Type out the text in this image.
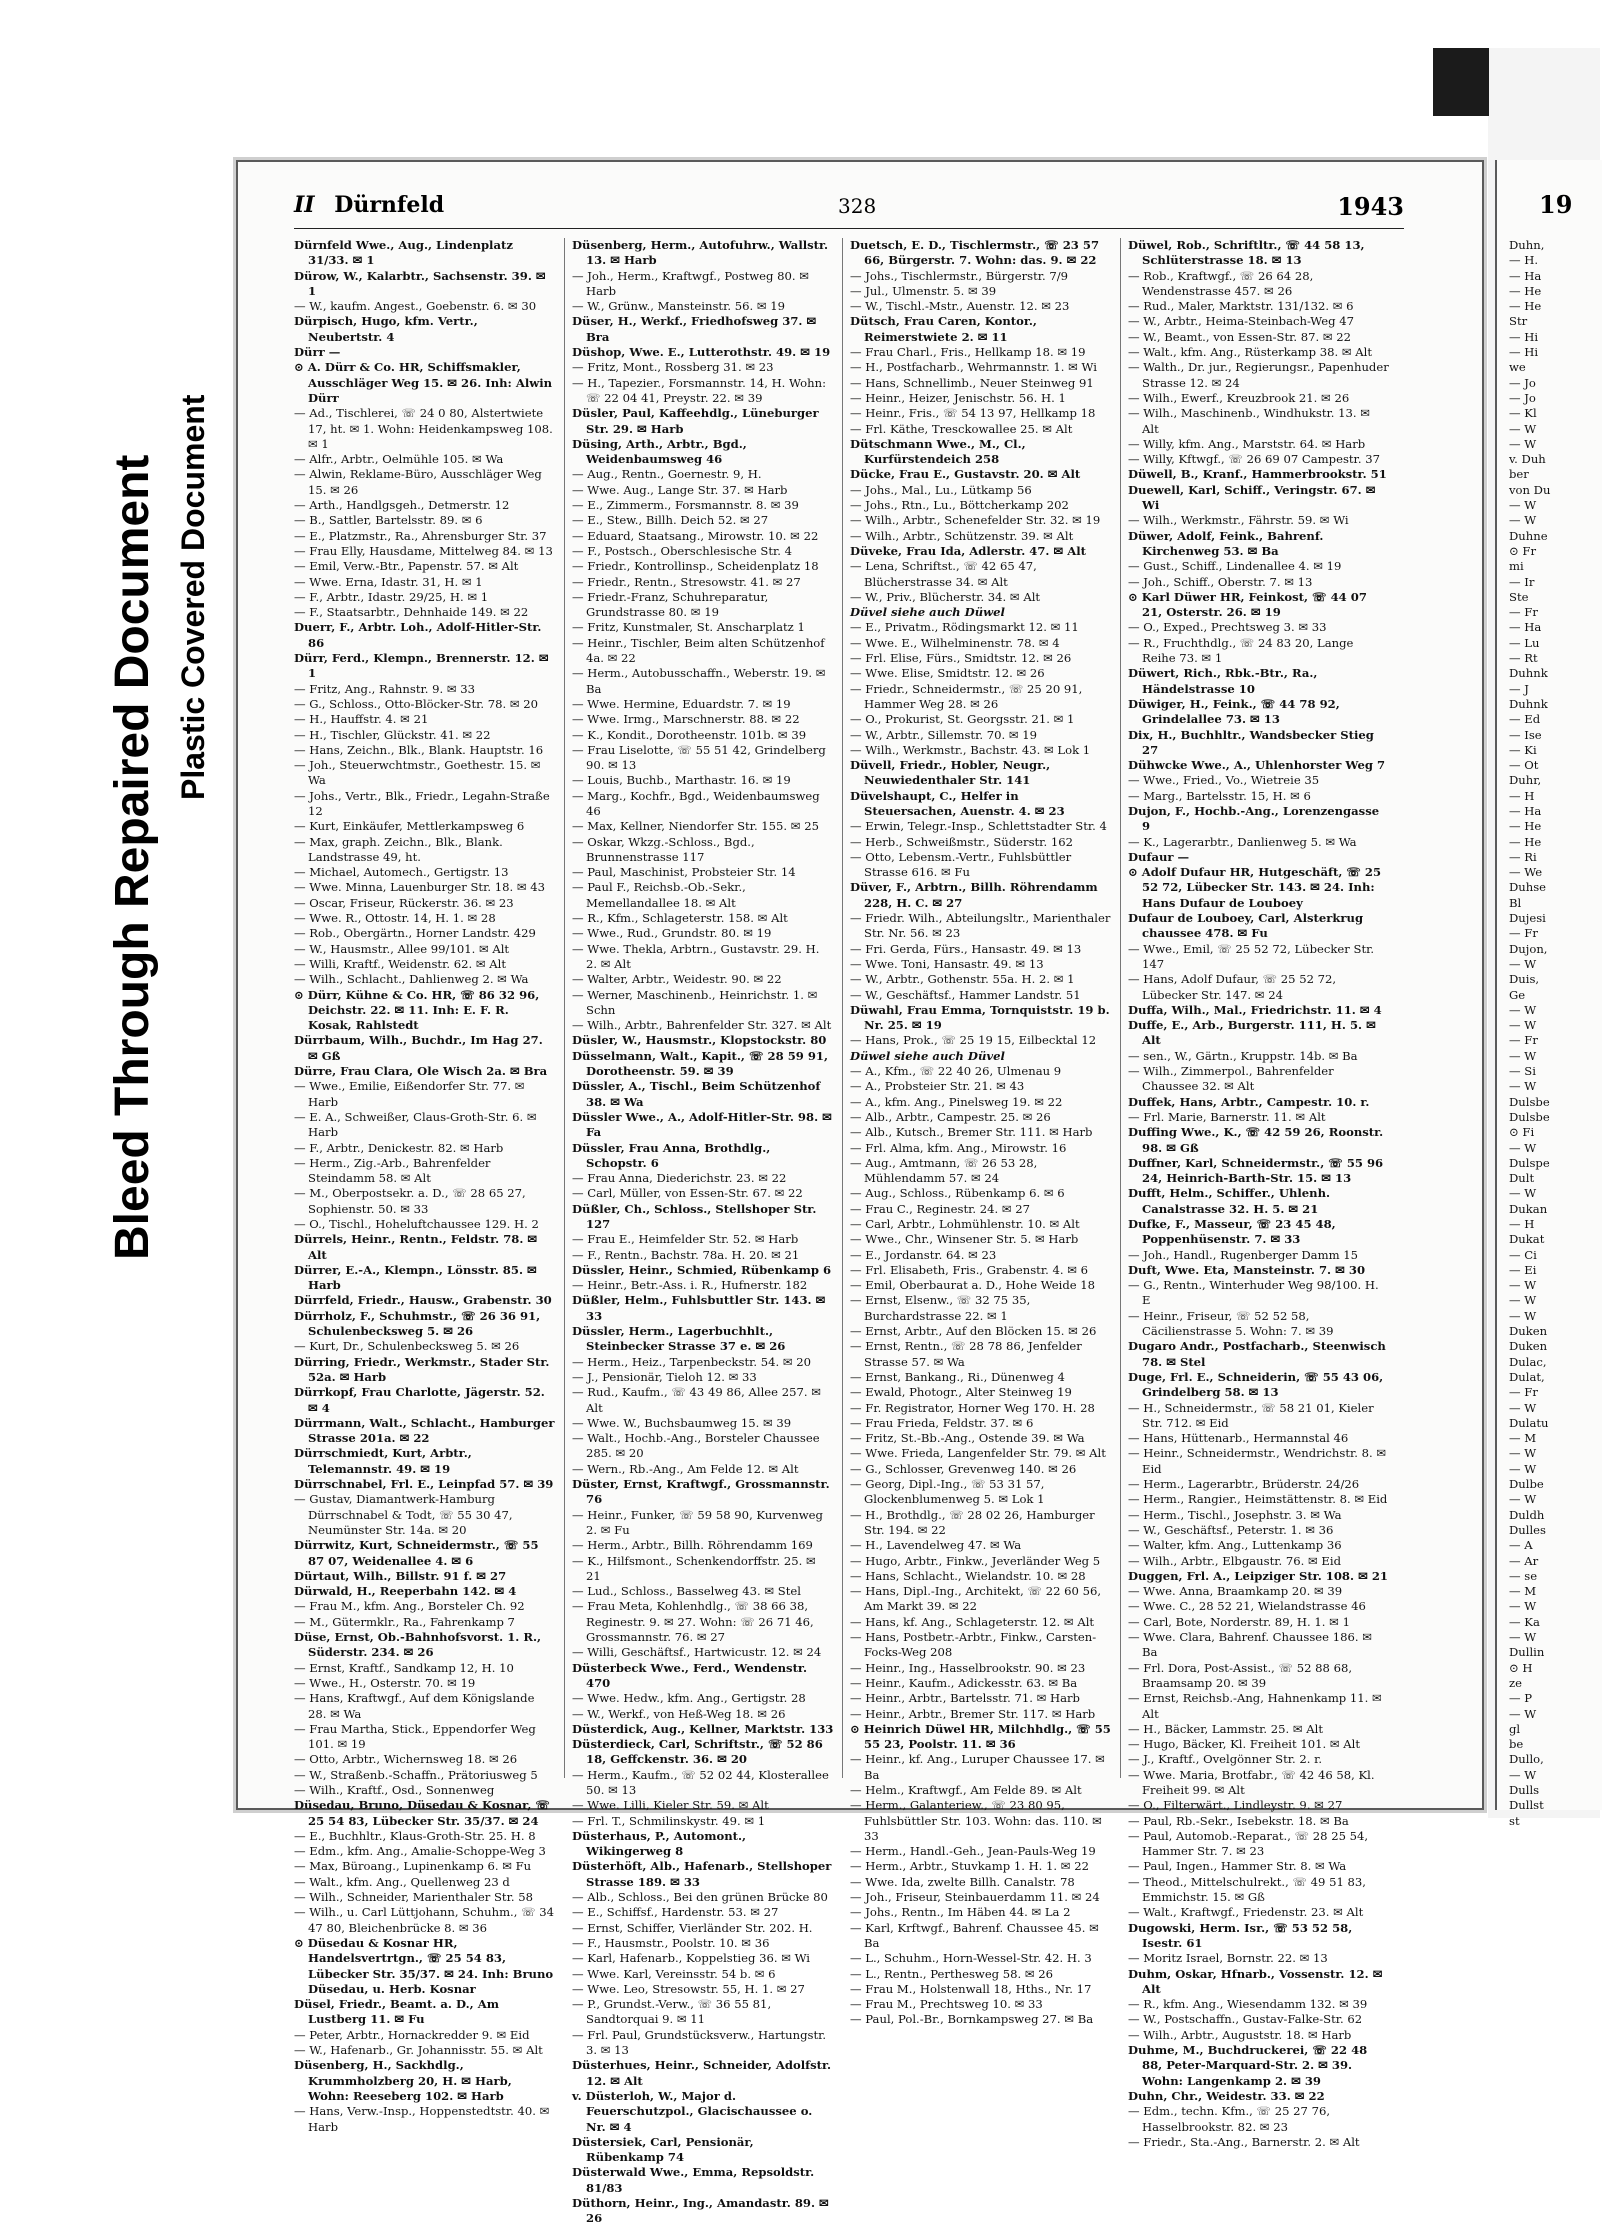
Bleed Through Repaired Document Plastic Covered Document
II Dürnfeld	328	1943

Dürnfeld Wwe., Aug., Lindenplatz 31/33. ✉ 1

Dürow, W., Kalarbtr., Sachsenstr. 39. ✉ 1

— W., kaufm. Angest., Goebenstr. 6. ✉ 30

Dürpisch, Hugo, kfm. Vertr., Neubertstr. 4

Dürr —

⊙ A. Dürr & Co. HR, Schiffsmakler, Ausschläger Weg 15. ✉ 26. Inh: Alwin Dürr

— Ad., Tischlerei, ☏ 24 0 80, Alstertwiete 17, ht. ✉ 1. Wohn: Heidenkampsweg 108. ✉ 1

— Alfr., Arbtr., Oelmühle 105. ✉ Wa

— Alwin, Reklame-Büro, Ausschläger Weg 15. ✉ 26

— Arth., Handlgsgeh., Detmerstr. 12

— B., Sattler, Bartelsstr. 89. ✉ 6

— E., Platzmstr., Ra., Ahrensburger Str. 37

— Frau Elly, Hausdame, Mittelweg 84. ✉ 13

— Emil, Verw.-Btr., Papenstr. 57. ✉ Alt

— Wwe. Erna, Idastr. 31, H. ✉ 1

— F., Arbtr., Idastr. 29/25, H. ✉ 1

— F., Staatsarbtr., Dehnhaide 149. ✉ 22

Duerr, F., Arbtr. Loh., Adolf-Hitler-Str. 86

Dürr, Ferd., Klempn., Brennerstr. 12. ✉ 1

— Fritz, Ang., Rahnstr. 9. ✉ 33

— G., Schloss., Otto-Blöcker-Str. 78. ✉ 20

— H., Hauffstr. 4. ✉ 21

— H., Tischler, Glückstr. 41. ✉ 22

— Hans, Zeichn., Blk., Blank. Hauptstr. 16

— Joh., Steuerwchtmstr., Goethestr. 15. ✉ Wa

— Johs., Vertr., Blk., Friedr., Legahn-Straße 12

— Kurt, Einkäufer, Mettlerkampsweg 6

— Max, graph. Zeichn., Blk., Blank. Landstrasse 49, ht.

— Michael, Automech., Gertigstr. 13

— Wwe. Minna, Lauenburger Str. 18. ✉ 43

— Oscar, Friseur, Rückerstr. 36. ✉ 23

— Wwe. R., Ottostr. 14, H. 1. ✉ 28

— Rob., Obergärtn., Horner Landstr. 429

— W., Hausmstr., Allee 99/101. ✉ Alt

— Willi, Kraftf., Weidenstr. 62. ✉ Alt

— Wilh., Schlacht., Dahlienweg 2. ✉ Wa

⊙ Dürr, Kühne & Co. HR, ☏ 86 32 96, Deichstr. 22. ✉ 11. Inh: E. F. R. Kosak, Rahlstedt

Dürrbaum, Wilh., Buchdr., Im Hag 27. ✉ Gß

Dürre, Frau Clara, Ole Wisch 2a. ✉ Bra

— Wwe., Emilie, Eißendorfer Str. 77. ✉ Harb

— E. A., Schweißer, Claus-Groth-Str. 6. ✉ Harb

— F., Arbtr., Denickestr. 82. ✉ Harb

— Herm., Zig.-Arb., Bahrenfelder Steindamm 58. ✉ Alt

— M., Oberpostsekr. a. D., ☏ 28 65 27, Sophienstr. 50. ✉ 33

— O., Tischl., Hoheluftchaussee 129. H. 2

Dürrels, Heinr., Rentn., Feldstr. 78. ✉ Alt

Dürrer, E.-A., Klempn., Lönsstr. 85. ✉ Harb

Dürrfeld, Friedr., Hausw., Grabenstr. 30

Dürrholz, F., Schuhmstr., ☏ 26 36 91, Schulenbecksweg 5. ✉ 26

— Kurt, Dr., Schulenbecksweg 5. ✉ 26

Dürring, Friedr., Werkmstr., Stader Str. 52a. ✉ Harb

Dürrkopf, Frau Charlotte, Jägerstr. 52. ✉ 4

Dürrmann, Walt., Schlacht., Hamburger Strasse 201a. ✉ 22

Dürrschmiedt, Kurt, Arbtr., Telemannstr. 49. ✉ 19

Dürrschnabel, Frl. E., Leinpfad 57. ✉ 39

— Gustav, Diamantwerk-Hamburg Dürrschnabel & Todt, ☏ 55 30 47, Neumünster Str. 14a. ✉ 20

Dürrwitz, Kurt, Schneidermstr., ☏ 55 87 07, Weidenallee 4. ✉ 6

Dürtaut, Wilh., Billstr. 91 f. ✉ 27

Dürwald, H., Reeperbahn 142. ✉ 4

— Frau M., kfm. Ang., Borsteler Ch. 92

— M., Gütermklr., Ra., Fahrenkamp 7

Düse, Ernst, Ob.-Bahnhofsvorst. 1. R., Süderstr. 234. ✉ 26

— Ernst, Kraftf., Sandkamp 12, H. 10

— Wwe., H., Osterstr. 70. ✉ 19

— Hans, Kraftwgf., Auf dem Königslande 28. ✉ Wa

— Frau Martha, Stick., Eppendorfer Weg 101. ✉ 19

— Otto, Arbtr., Wichernsweg 18. ✉ 26

— W., Straßenb.-Schaffn., Prätoriusweg 5

— Wilh., Kraftf., Osd., Sonnenweg

Düsedau, Bruno, Düsedau & Kosnar, ☏ 25 54 83, Lübecker Str. 35/37. ✉ 24

— E., Buchhltr., Klaus-Groth-Str. 25. H. 8

— Edm., kfm. Ang., Amalie-Schoppe-Weg 3

— Max, Büroang., Lupinenkamp 6. ✉ Fu

— Walt., kfm. Ang., Quellenweg 23 d

— Wilh., Schneider, Marienthaler Str. 58

— Wilh., u. Carl Lüttjohann, Schuhm., ☏ 34 47 80, Bleichenbrücke 8. ✉ 36

⊙ Düsedau & Kosnar HR, Handelsvertrtgn., ☏ 25 54 83, Lübecker Str. 35/37. ✉ 24. Inh: Bruno Düsedau, u. Herb. Kosnar

Düsel, Friedr., Beamt. a. D., Am Lustberg 11. ✉ Fu

— Peter, Arbtr., Hornackredder 9. ✉ Eid

— W., Hafenarb., Gr. Johannisstr. 55. ✉ Alt

Düsenberg, H., Sackhdlg., Krummholzberg 20, H. ✉ Harb, Wohn: Reeseberg 102. ✉ Harb

— Hans, Verw.-Insp., Hoppenstedtstr. 40. ✉ Harb

Düsenberg, Herm., Autofuhrw., Wallstr. 13. ✉ Harb

— Joh., Herm., Kraftwgf., Postweg 80. ✉ Harb

— W., Grünw., Mansteinstr. 56. ✉ 19

Düser, H., Werkf., Friedhofsweg 37. ✉ Bra

Düshop, Wwe. E., Lutterothstr. 49. ✉ 19

— Fritz, Mont., Rossberg 31. ✉ 23

— H., Tapezier., Forsmannstr. 14, H. Wohn: ☏ 22 04 41, Preystr. 22. ✉ 39

Düsler, Paul, Kaffeehdlg., Lüneburger Str. 29. ✉ Harb

Düsing, Arth., Arbtr., Bgd., Weidenbaumsweg 46

— Aug., Rentn., Goernestr. 9, H.

— Wwe. Aug., Lange Str. 37. ✉ Harb

— E., Zimmerm., Forsmannstr. 8. ✉ 39

— E., Stew., Billh. Deich 52. ✉ 27

— Eduard, Staatsang., Mirowstr. 10. ✉ 22

— F., Postsch., Oberschlesische Str. 4

— Friedr., Kontrollinsp., Scheidenplatz 18

— Friedr., Rentn., Stresowstr. 41. ✉ 27

— Friedr.-Franz, Schuhreparatur, Grundstrasse 80. ✉ 19

— Fritz, Kunstmaler, St. Anscharplatz 1

— Heinr., Tischler, Beim alten Schützenhof 4a. ✉ 22

— Herm., Autobusschaffn., Weberstr. 19. ✉ Ba

— Wwe. Hermine, Eduardstr. 7. ✉ 19

— Wwe. Irmg., Marschnerstr. 88. ✉ 22

— K., Kondit., Dorotheenstr. 101b. ✉ 39

— Frau Liselotte, ☏ 55 51 42, Grindelberg 90. ✉ 13

— Louis, Buchb., Marthastr. 16. ✉ 19

— Marg., Kochfr., Bgd., Weidenbaumsweg 46

— Max, Kellner, Niendorfer Str. 155. ✉ 25

— Oskar, Wkzg.-Schloss., Bgd., Brunnenstrasse 117

— Paul, Maschinist, Probsteier Str. 14

— Paul F., Reichsb.-Ob.-Sekr., Memellandallee 18. ✉ Alt

— R., Kfm., Schlageterstr. 158. ✉ Alt

— Wwe., Rud., Grundstr. 80. ✉ 19

— Wwe. Thekla, Arbtrn., Gustavstr. 29. H. 2. ✉ Alt

— Walter, Arbtr., Weidestr. 90. ✉ 22

— Werner, Maschinenb., Heinrichstr. 1. ✉ Schn

— Wilh., Arbtr., Bahrenfelder Str. 327. ✉ Alt

Düsler, W., Hausmstr., Klopstockstr. 80

Düsselmann, Walt., Kapit., ☏ 28 59 91, Dorotheenstr. 59. ✉ 39

Düssler, A., Tischl., Beim Schützenhof 38. ✉ Wa

Düssler Wwe., A., Adolf-Hitler-Str. 98. ✉ Fa

Düssler, Frau Anna, Brothdlg., Schopstr. 6

— Frau Anna, Diederichstr. 23. ✉ 22

— Carl, Müller, von Essen-Str. 67. ✉ 22

Düßler, Ch., Schloss., Stellshoper Str. 127

— Frau E., Heimfelder Str. 52. ✉ Harb

— F., Rentn., Bachstr. 78a. H. 20. ✉ 21

Düssler, Heinr., Schmied, Rübenkamp 6

— Heinr., Betr.-Ass. i. R., Hufnerstr. 182

Düßler, Helm., Fuhlsbuttler Str. 143. ✉ 33

Düssler, Herm., Lagerbuchhlt., Steinbecker Strasse 37 e. ✉ 26

— Herm., Heiz., Tarpenbeckstr. 54. ✉ 20

— J., Pensionär, Tieloh 12. ✉ 33

— Rud., Kaufm., ☏ 43 49 86, Allee 257. ✉ Alt

— Wwe. W., Buchsbaumweg 15. ✉ 39

— Walt., Hochb.-Ang., Borsteler Chaussee 285. ✉ 20

— Wern., Rb.-Ang., Am Felde 12. ✉ Alt

Düster, Ernst, Kraftwgf., Grossmannstr. 76

— Heinr., Funker, ☏ 59 58 90, Kurvenweg 2. ✉ Fu

— Herm., Arbtr., Billh. Röhrendamm 169

— K., Hilfsmont., Schenkendorffstr. 25. ✉ 21

— Lud., Schloss., Basselweg 43. ✉ Stel

— Frau Meta, Kohlenhdlg., ☏ 38 66 38, Reginestr. 9. ✉ 27. Wohn: ☏ 26 71 46, Grossmannstr. 76. ✉ 27

— Willi, Geschäftsf., Hartwicustr. 12. ✉ 24

Düsterbeck Wwe., Ferd., Wendenstr. 470

— Wwe. Hedw., kfm. Ang., Gertigstr. 28

— W., Werkf., von Heß-Weg 18. ✉ 26

Düsterdick, Aug., Kellner, Marktstr. 133

Düsterdieck, Carl, Schriftstr., ☏ 52 86 18, Geffckenstr. 36. ✉ 20

— Herm., Kaufm., ☏ 52 02 44, Klosterallee 50. ✉ 13

— Wwe. Lilli, Kieler Str. 59. ✉ Alt

— Frl. T., Schmilinskystr. 49. ✉ 1

Düsterhaus, P., Automont., Wikingerweg 8

Düsterhöft, Alb., Hafenarb., Stellshoper Strasse 189. ✉ 33

— Alb., Schloss., Bei den grünen Brücke 80

— E., Schiffsf., Hardenstr. 53. ✉ 27

— Ernst, Schiffer, Vierländer Str. 202. H.

— F., Hausmstr., Poolstr. 10. ✉ 36

— Karl, Hafenarb., Koppelstieg 36. ✉ Wi

— Wwe. Karl, Vereinsstr. 54 b. ✉ 6

— Wwe. Leo, Stresowstr. 55, H. 1. ✉ 27

— P., Grundst.-Verw., ☏ 36 55 81, Sandtorquai 9. ✉ 11

— Frl. Paul, Grundstücksverw., Hartungstr. 3. ✉ 13

Düsterhues, Heinr., Schneider, Adolfstr. 12. ✉ Alt

v. Düsterloh, W., Major d. Feuerschutzpol., Glacischaussee o. Nr. ✉ 4

Düstersiek, Carl, Pensionär, Rübenkamp 74

Düsterwald Wwe., Emma, Repsoldstr. 81/83

Düthorn, Heinr., Ing., Amandastr. 89. ✉ 26

Duetsch, E. D., Tischlermstr., ☏ 23 57 66, Bürgerstr. 7. Wohn: das. 9. ✉ 22

— Johs., Tischlermstr., Bürgerstr. 7/9

— Jul., Ulmenstr. 5. ✉ 39

— W., Tischl.-Mstr., Auenstr. 12. ✉ 23

Dütsch, Frau Caren, Kontor., Reimerstwiete 2. ✉ 11

— Frau Charl., Fris., Hellkamp 18. ✉ 19

— H., Postfacharb., Wehrmannstr. 1. ✉ Wi

— Hans, Schnellimb., Neuer Steinweg 91

— Heinr., Heizer, Jenischstr. 56. H. 1

— Heinr., Fris., ☏ 54 13 97, Hellkamp 18

— Frl. Käthe, Tresckowallee 25. ✉ Alt

Dütschmann Wwe., M., Cl., Kurfürstendeich 258

Dücke, Frau E., Gustavstr. 20. ✉ Alt

— Johs., Mal., Lu., Lütkamp 56

— Johs., Rtn., Lu., Böttcherkamp 202

— Wilh., Arbtr., Schenefelder Str. 32. ✉ 19

— Wilh., Arbtr., Schützenstr. 39. ✉ Alt

Düveke, Frau Ida, Adlerstr. 47. ✉ Alt

— Lena, Schriftst., ☏ 42 65 47, Blücherstrasse 34. ✉ Alt

— W., Priv., Blücherstr. 34. ✉ Alt

Düvel siehe auch Düwel

— E., Privatm., Rödingsmarkt 12. ✉ 11

— Wwe. E., Wilhelminenstr. 78. ✉ 4

— Frl. Elise, Fürs., Smidtstr. 12. ✉ 26

— Wwe. Elise, Smidtstr. 12. ✉ 26

— Friedr., Schneidermstr., ☏ 25 20 91, Hammer Weg 28. ✉ 26

— O., Prokurist, St. Georgsstr. 21. ✉ 1

— W., Arbtr., Sillemstr. 70. ✉ 19

— Wilh., Werkmstr., Bachstr. 43. ✉ Lok 1

Düvell, Friedr., Hobler, Neugr., Neuwiedenthaler Str. 141

Düvelshaupt, C., Helfer in Steuersachen, Auenstr. 4. ✉ 23

— Erwin, Telegr.-Insp., Schlettstadter Str. 4

— Herb., Schweißmstr., Süderstr. 162

— Otto, Lebensm.-Vertr., Fuhlsbüttler Strasse 616. ✉ Fu

Düver, F., Arbtrn., Billh. Röhrendamm 228, H. C. ✉ 27

— Friedr. Wilh., Abteilungsltr., Marienthaler Str. Nr. 56. ✉ 23

— Fri. Gerda, Fürs., Hansastr. 49. ✉ 13

— Wwe. Toni, Hansastr. 49. ✉ 13

— W., Arbtr., Gothenstr. 55a. H. 2. ✉ 1

— W., Geschäftsf., Hammer Landstr. 51

Düwahl, Frau Emma, Tornquiststr. 19 b. Nr. 25. ✉ 19

— Hans, Prok., ☏ 25 19 15, Eilbecktal 12

Düwel siehe auch Düvel

— A., Kfm., ☏ 22 40 26, Ulmenau 9

— A., Probsteier Str. 21. ✉ 43

— A., kfm. Ang., Pinelsweg 19. ✉ 22

— Alb., Arbtr., Campestr. 25. ✉ 26

— Alb., Kutsch., Bremer Str. 111. ✉ Harb

— Frl. Alma, kfm. Ang., Mirowstr. 16

— Aug., Amtmann, ☏ 26 53 28, Mühlendamm 57. ✉ 24

— Aug., Schloss., Rübenkamp 6. ✉ 6

— Frau C., Reginestr. 24. ✉ 27

— Carl, Arbtr., Lohmühlenstr. 10. ✉ Alt

— Wwe., Chr., Winsener Str. 5. ✉ Harb

— E., Jordanstr. 64. ✉ 23

— Frl. Elisabeth, Fris., Grabenstr. 4. ✉ 6

— Emil, Oberbaurat a. D., Hohe Weide 18

— Ernst, Elsenw., ☏ 32 75 35, Burchardstrasse 22. ✉ 1

— Ernst, Arbtr., Auf den Blöcken 15. ✉ 26

— Ernst, Rentn., ☏ 28 78 86, Jenfelder Strasse 57. ✉ Wa

— Ernst, Bankang., Ri., Dünenweg 4

— Ewald, Photogr., Alter Steinweg 19

— Fr. Registrator, Horner Weg 170. H. 28

— Frau Frieda, Feldstr. 37. ✉ 6

— Fritz, St.-Bb.-Ang., Ostende 39. ✉ Wa

— Wwe. Frieda, Langenfelder Str. 79. ✉ Alt

— G., Schlosser, Grevenweg 140. ✉ 26

— Georg, Dipl.-Ing., ☏ 53 31 57, Glockenblumenweg 5. ✉ Lok 1

— H., Brothdlg., ☏ 28 02 26, Hamburger Str. 194. ✉ 22

— H., Lavendelweg 47. ✉ Wa

— Hugo, Arbtr., Finkw., Jeverländer Weg 5

— Hans, Schlacht., Wielandstr. 10. ✉ 28

— Hans, Dipl.-Ing., Architekt, ☏ 22 60 56, Am Markt 39. ✉ 22

— Hans, kf. Ang., Schlageterstr. 12. ✉ Alt

— Hans, Postbetr.-Arbtr., Finkw., Carsten-Focks-Weg 208

— Heinr., Ing., Hasselbrookstr. 90. ✉ 23

— Heinr., Kaufm., Adickesstr. 63. ✉ Ba

— Heinr., Arbtr., Bartelsstr. 71. ✉ Harb

— Heinr., Arbtr., Bremer Str. 117. ✉ Harb

⊙ Heinrich Düwel HR, Milchhdlg., ☏ 55 55 23, Poolstr. 11. ✉ 36

— Heinr., kf. Ang., Luruper Chaussee 17. ✉ Ba

— Helm., Kraftwgf., Am Felde 89. ✉ Alt

— Herm., Galanteriew., ☏ 23 80 95, Fuhlsbüttler Str. 103. Wohn: das. 110. ✉ 33

— Herm., Handl.-Geh., Jean-Pauls-Weg 19

— Herm., Arbtr., Stuvkamp 1. H. 1. ✉ 22

— Wwe. Ida, zwelte Billh. Canalstr. 78

— Joh., Friseur, Steinbauerdamm 11. ✉ 24

— Johs., Rentn., Im Häben 44. ✉ La 2

— Karl, Krftwgf., Bahrenf. Chaussee 45. ✉ Ba

— L., Schuhm., Horn-Wessel-Str. 42. H. 3

— L., Rentn., Perthesweg 58. ✉ 26

— Frau M., Holstenwall 18, Hths., Nr. 17

— Frau M., Prechtsweg 10. ✉ 33

— Paul, Pol.-Br., Bornkampsweg 27. ✉ Ba

Düwel, Rob., Schriftltr., ☏ 44 58 13, Schlüterstrasse 18. ✉ 13

— Rob., Kraftwgf., ☏ 26 64 28, Wendenstrasse 457. ✉ 26

— Rud., Maler, Marktstr. 131/132. ✉ 6

— W., Arbtr., Heima-Steinbach-Weg 47

— W., Beamt., von Essen-Str. 87. ✉ 22

— Walt., kfm. Ang., Rüsterkamp 38. ✉ Alt

— Walth., Dr. jur., Regierungsr., Papenhuder Strasse 12. ✉ 24

— Wilh., Ewerf., Kreuzbrook 21. ✉ 26

— Wilh., Maschinenb., Windhukstr. 13. ✉ Alt

— Willy, kfm. Ang., Marststr. 64. ✉ Harb

— Willy, Kftwgf., ☏ 26 69 07 Campestr. 37

Düwell, B., Kranf., Hammerbrookstr. 51

Duewell, Karl, Schiff., Veringstr. 67. ✉ Wi

— Wilh., Werkmstr., Fährstr. 59. ✉ Wi

Düwer, Adolf, Feink., Bahrenf. Kirchenweg 53. ✉ Ba

— Gust., Schiff., Lindenallee 4. ✉ 19

— Joh., Schiff., Oberstr. 7. ✉ 13

⊙ Karl Düwer HR, Feinkost, ☏ 44 07 21, Osterstr. 26. ✉ 19

— O., Exped., Prechtsweg 3. ✉ 33

— R., Fruchthdlg., ☏ 24 83 20, Lange Reihe 73. ✉ 1

Düwert, Rich., Rbk.-Btr., Ra., Händelstrasse 10

Düwiger, H., Feink., ☏ 44 78 92, Grindelallee 73. ✉ 13

Dix, H., Buchhltr., Wandsbecker Stieg 27

Dühwcke Wwe., A., Uhlenhorster Weg 7

— Wwe., Fried., Vo., Wietreie 35

— Marg., Bartelsstr. 15, H. ✉ 6

Dujon, F., Hochb.-Ang., Lorenzengasse 9

— K., Lagerarbtr., Danlienweg 5. ✉ Wa

Dufaur —

⊙ Adolf Dufaur HR, Hutgeschäft, ☏ 25 52 72, Lübecker Str. 143. ✉ 24. Inh: Hans Dufaur de Louboey

Dufaur de Louboey, Carl, Alsterkrug chaussee 478. ✉ Fu

— Wwe., Emil, ☏ 25 52 72, Lübecker Str. 147

— Hans, Adolf Dufaur, ☏ 25 52 72, Lübecker Str. 147. ✉ 24

Duffa, Wilh., Mal., Friedrichstr. 11. ✉ 4

Duffe, E., Arb., Burgerstr. 111, H. 5. ✉ Alt

— sen., W., Gärtn., Kruppstr. 14b. ✉ Ba

— Wilh., Zimmerpol., Bahrenfelder Chaussee 32. ✉ Alt

Duffek, Hans, Arbtr., Campestr. 10. r.

— Frl. Marie, Barnerstr. 11. ✉ Alt

Duffing Wwe., K., ☏ 42 59 26, Roonstr. 98. ✉ Gß

Duffner, Karl, Schneidermstr., ☏ 55 96 24, Heinrich-Barth-Str. 15. ✉ 13

Dufft, Helm., Schiffer., Uhlenh. Canalstrasse 32. H. 5. ✉ 21

Dufke, F., Masseur, ☏ 23 45 48, Poppenhüsenstr. 7. ✉ 33

— Joh., Handl., Rugenberger Damm 15

Duft, Wwe. Eta, Mansteinstr. 7. ✉ 30

— G., Rentn., Winterhuder Weg 98/100. H. E

— Heinr., Friseur, ☏ 52 52 58, Cäcilienstrasse 5. Wohn: 7. ✉ 39

Dugaro Andr., Postfacharb., Steenwisch 78. ✉ Stel

Duge, Frl. E., Schneiderin, ☏ 55 43 06, Grindelberg 58. ✉ 13

— H., Schneidermstr., ☏ 58 21 01, Kieler Str. 712. ✉ Eid

— Hans, Hüttenarb., Hermannstal 46

— Heinr., Schneidermstr., Wendrichstr. 8. ✉ Eid

— Herm., Lagerarbtr., Brüderstr. 24/26

— Herm., Rangier., Heimstättenstr. 8. ✉ Eid

— Herm., Tischl., Josephstr. 3. ✉ Wa

— W., Geschäftsf., Peterstr. 1. ✉ 36

— Walter, kfm. Ang., Luttenkamp 36

— Wilh., Arbtr., Elbgaustr. 76. ✉ Eid

Duggen, Frl. A., Leipziger Str. 108. ✉ 21

— Wwe. Anna, Braamkamp 20. ✉ 39

— Wwe. C., 28 52 21, Wielandstrasse 46

— Carl, Bote, Norderstr. 89, H. 1. ✉ 1

— Wwe. Clara, Bahrenf. Chaussee 186. ✉ Ba

— Frl. Dora, Post-Assist., ☏ 52 88 68, Braamsamp 20. ✉ 39

— Ernst, Reichsb.-Ang, Hahnenkamp 11. ✉ Alt

— H., Bäcker, Lammstr. 25. ✉ Alt

— Hugo, Bäcker, Kl. Freiheit 101. ✉ Alt

— J., Kraftf., Ovelgönner Str. 2. r.

— Wwe. Maria, Brotfabr., ☏ 42 46 58, Kl. Freiheit 99. ✉ Alt

— O., Filterwärt., Lindleystr. 9. ✉ 27

— Paul, Rb.-Sekr., Isebekstr. 18. ✉ Ba

— Paul, Automob.-Reparat., ☏ 28 25 54, Hammer Str. 7. ✉ 23

— Paul, Ingen., Hammer Str. 8. ✉ Wa

— Theod., Mittelschulrekt., ☏ 49 51 83, Emmichstr. 15. ✉ Gß

— Walt., Kraftwgf., Friedenstr. 23. ✉ Alt

Dugowski, Herm. Isr., ☏ 53 52 58, Isestr. 61

— Moritz Israel, Bornstr. 22. ✉ 13

Duhm, Oskar, Hfnarb., Vossenstr. 12. ✉ Alt

— R., kfm. Ang., Wiesendamm 132. ✉ 39

— W., Postschaffn., Gustav-Falke-Str. 62

— Wilh., Arbtr., Auguststr. 18. ✉ Harb

Duhme, M., Buchdruckerei, ☏ 22 48 88, Peter-Marquard-Str. 2. ✉ 39. Wohn: Langenkamp 2. ✉ 39

Duhn, Chr., Weidestr. 33. ✉ 22

— Edm., techn. Kfm., ☏ 25 27 76, Hasselbrookstr. 82. ✉ 23

— Friedr., Sta.-Ang., Barnerstr. 2. ✉ Alt

19
Duhn,
— H.
— Ha
— He
— He
Str
— Hi
— Hi
we
— Jo
— Jo
— Kl
— W
— W
v. Duh
ber
von Du
— W
— W
Duhne
⊙ Fr
mi
— Ir
Ste
— Fr
— Ha
— Lu
— Rt
Duhnk
— J
Duhnk
— Ed
— Ise
— Ki
— Ot
Duhr,
— H
— Ha
— He
— He
— Ri
— We
Duhse
Bl
Dujesi
— Fr
Dujon,
— W
Duis,
Ge
— W
— W
— Fr
— W
— Si
— W
Dulsbe
Dulsbe
⊙ Fi
— W
Dulspe
Dult
— W
Dukan
— H
Dukat
— Ci
— Ei
— W
— W
— W
Duken
Duken
Dulac,
Dulat,
— Fr
— W
Dulatu
— M
— W
— W
Dulbe
— W
Duldh
Dulles
— A
— Ar
— se
— M
— W
— Ka
— W
Dullin
⊙ H
ze
— P
— W
gl
be
Dullo,
— W
Dulls
Dullst
st
